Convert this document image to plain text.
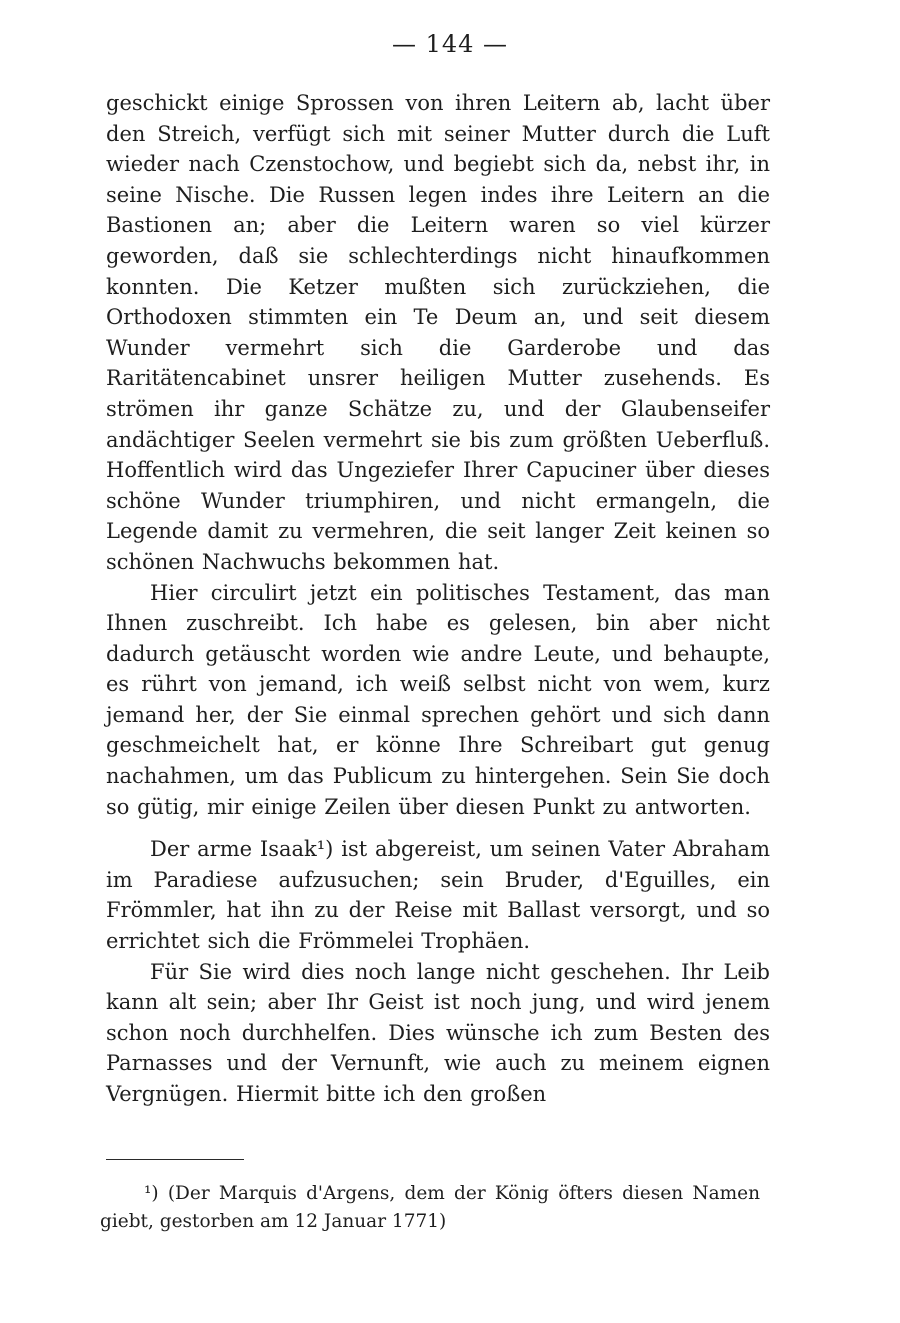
— 144 —

geschickt einige Sprossen von ihren Leitern ab, lacht über den Streich, verfügt sich mit seiner Mutter durch die Luft wieder nach Czenstochow, und begiebt sich da, nebst ihr, in seine Nische. Die Russen legen indes ihre Leitern an die Bastionen an; aber die Leitern waren so viel kürzer geworden, daß sie schlechterdings nicht hinaufkommen konnten. Die Ketzer mußten sich zurückziehen, die Orthodoxen stimmten ein Te Deum an, und seit diesem Wunder vermehrt sich die Garderobe und das Raritätencabinet unsrer heiligen Mutter zusehends. Es strömen ihr ganze Schätze zu, und der Glaubenseifer andächtiger Seelen vermehrt sie bis zum größten Ueberfluß. Hoffentlich wird das Ungeziefer Ihrer Capuciner über dieses schöne Wunder triumphiren, und nicht ermangeln, die Legende damit zu vermehren, die seit langer Zeit keinen so schönen Nachwuchs bekommen hat.

Hier circulirt jetzt ein politisches Testament, das man Ihnen zuschreibt. Ich habe es gelesen, bin aber nicht dadurch getäuscht worden wie andre Leute, und behaupte, es rührt von jemand, ich weiß selbst nicht von wem, kurz jemand her, der Sie einmal sprechen gehört und sich dann geschmeichelt hat, er könne Ihre Schreibart gut genug nachahmen, um das Publicum zu hintergehen. Sein Sie doch so gütig, mir einige Zeilen über diesen Punkt zu antworten.

Der arme Isaak¹) ist abgereist, um seinen Vater Abraham im Paradiese aufzusuchen; sein Bruder, d'Eguilles, ein Frömmler, hat ihn zu der Reise mit Ballast versorgt, und so errichtet sich die Frömmelei Trophäen.

Für Sie wird dies noch lange nicht geschehen. Ihr Leib kann alt sein; aber Ihr Geist ist noch jung, und wird jenem schon noch durchhelfen. Dies wünsche ich zum Besten des Parnasses und der Vernunft, wie auch zu meinem eignen Vergnügen. Hiermit bitte ich den großen

¹) (Der Marquis d'Argens, dem der König öfters diesen Namen giebt, gestorben am 12 Januar 1771)
